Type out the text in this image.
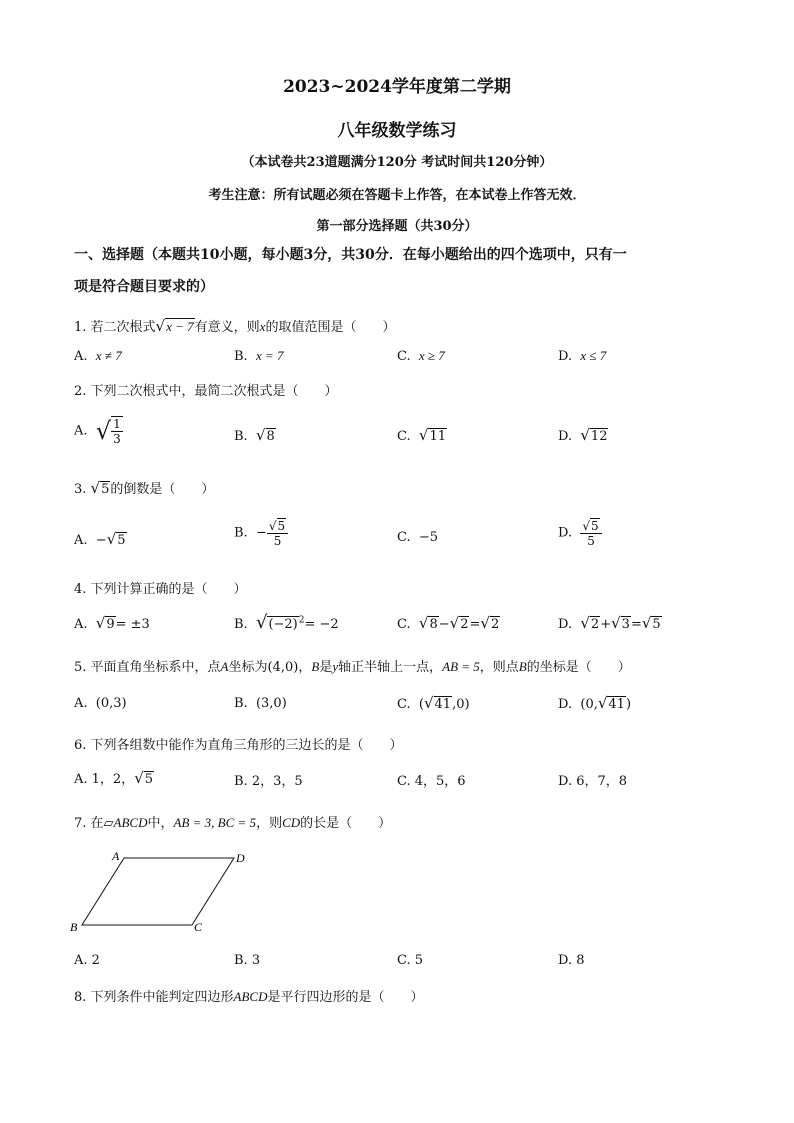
2023~2024学年度第二学期
八年级数学练习
（本试卷共23道题满分120分 考试时间共120分钟）
考生注意：所有试题必须在答题卡上作答，在本试卷上作答无效．
第一部分选择题（共30分）
一、选择题（本题共10小题，每小题3分，共30分．在每小题给出的四个选项中，只有一
项是符合题目要求的）
1. 若二次根式√x − 7有意义，则x的取值范围是（　　）
A. x ≠ 7	B. x = 7	C. x ≥ 7	D. x ≤ 7
2. 下列二次根式中，最简二次根式是（　　）
A. √ $\frac{1}{3}$	B. √8	C. √11	D. √12
3. √5的倒数是（　　）
A. −√5	B. − $\frac{√5}{5}$	C. −5	D. $\frac{√5}{5}$
4. 下列计算正确的是（　　）
A. √9= ±3	B. $√(-2)^2= -2$	C. √8−√2=√2	D. √2+√3=√5
5. 平面直角坐标系中，点A坐标为(4,0)，B是y轴正半轴上一点，AB = 5，则点B的坐标是（　　）
A. (0,3)	B. (3,0)	C.  (√41,0)	D.  (0,√41)
6. 下列各组数中能作为直角三角形的三边长的是（　　）
A. 1，2，√5	B. 2，3，5	C. 4，5，6	D. 6，7，8
7. 在▱ABCD中，AB = 3, BC = 5，则CD的长是（　　）
A	D
B	C
A. 2	B. 3	C. 5	D. 8
8. 下列条件中能判定四边形ABCD是平行四边形的是（　　）
